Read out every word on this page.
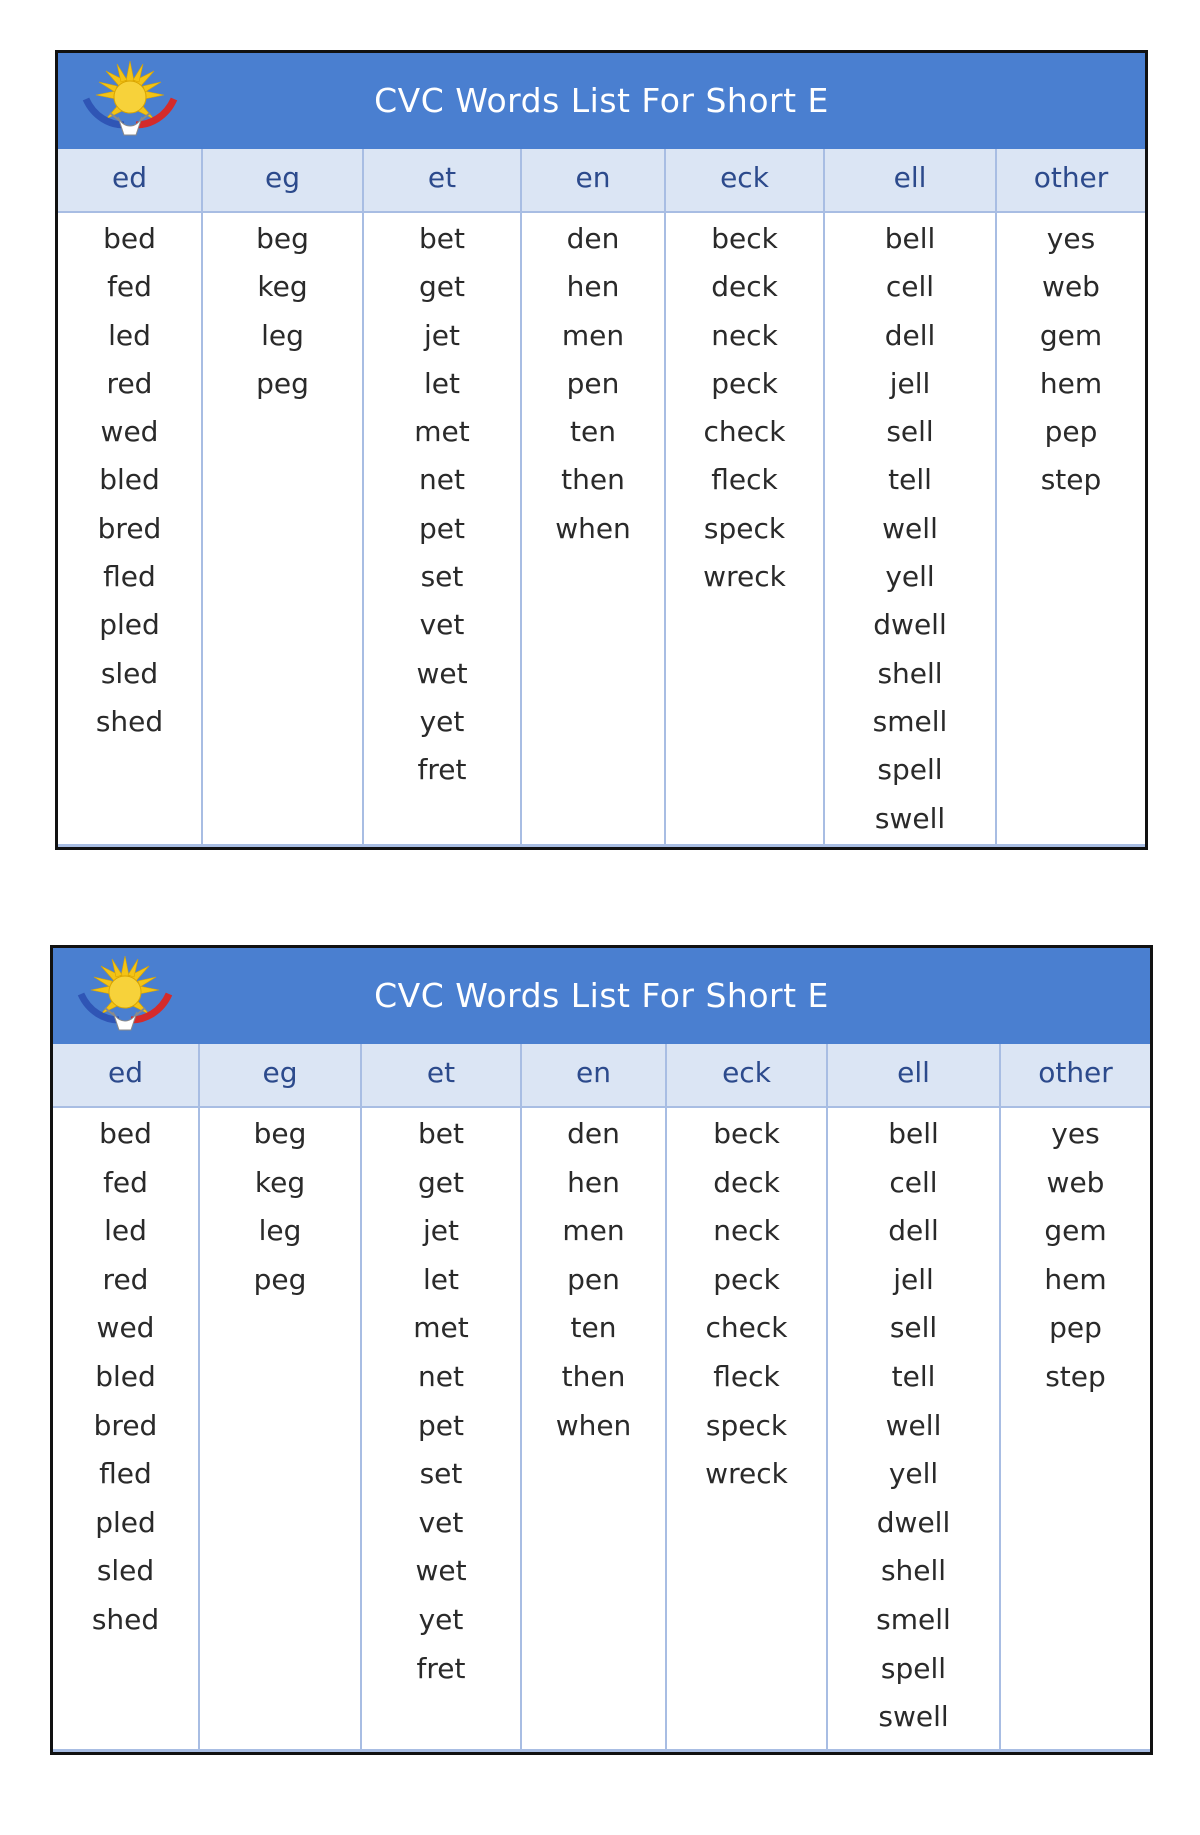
CVC Words List For Short E
ed
bed
fed
led
red
wed
bled
bred
fled
pled
sled
shed
eg
beg
keg
leg
peg
et
bet
get
jet
let
met
net
pet
set
vet
wet
yet
fret
en
den
hen
men
pen
ten
then
when
eck
beck
deck
neck
peck
check
fleck
speck
wreck
ell
bell
cell
dell
jell
sell
tell
well
yell
dwell
shell
smell
spell
swell
other
yes
web
gem
hem
pep
step
CVC Words List For Short E
ed
bed
fed
led
red
wed
bled
bred
fled
pled
sled
shed
eg
beg
keg
leg
peg
et
bet
get
jet
let
met
net
pet
set
vet
wet
yet
fret
en
den
hen
men
pen
ten
then
when
eck
beck
deck
neck
peck
check
fleck
speck
wreck
ell
bell
cell
dell
jell
sell
tell
well
yell
dwell
shell
smell
spell
swell
other
yes
web
gem
hem
pep
step
